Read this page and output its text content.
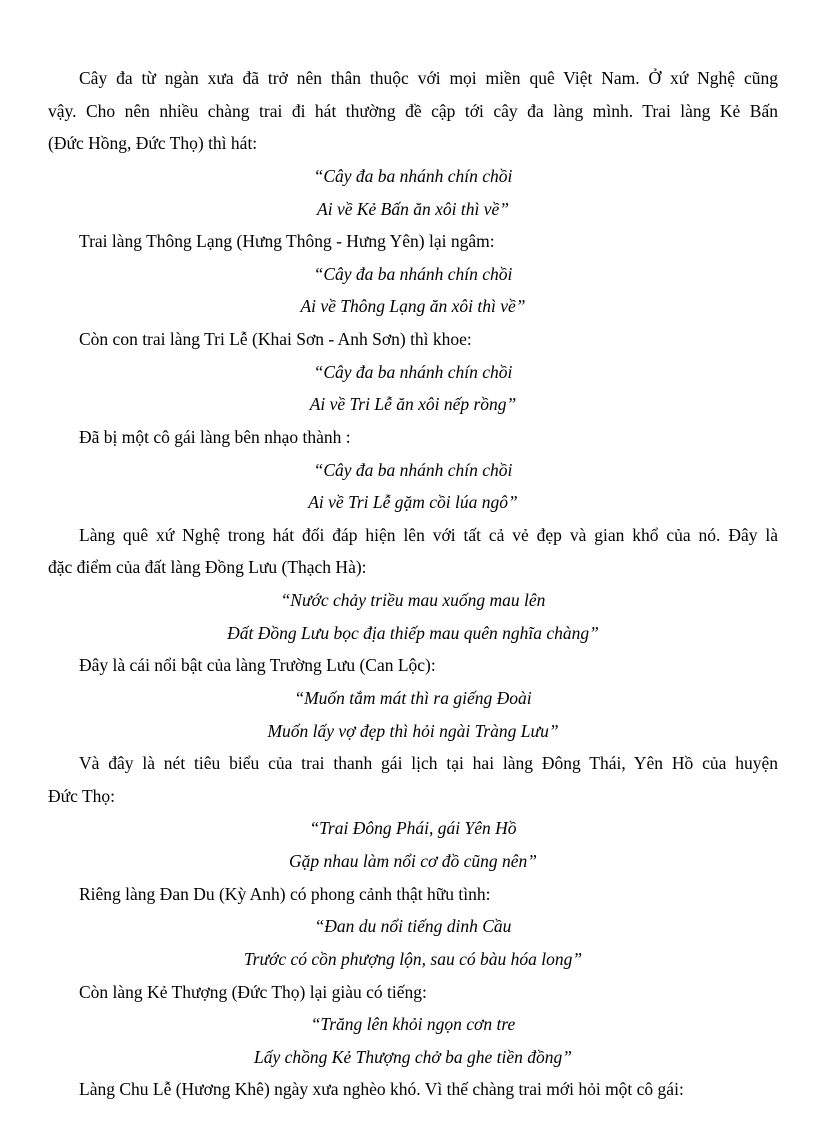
Cây đa từ ngàn xưa đã trở nên thân thuộc với mọi miền quê Việt Nam. Ở xứ Nghệ cũng
vậy. Cho nên nhiều chàng trai đi hát thường đề cập tới cây đa làng mình. Trai làng Kẻ Bấn
(Đức Hồng, Đức Thọ) thì hát:
“Cây đa ba nhánh chín chồi
Ai về Kẻ Bấn ăn xôi thì về”
Trai làng Thông Lạng (Hưng Thông - Hưng Yên) lại ngâm:
“Cây đa ba nhánh chín chồi
Ai về Thông Lạng ăn xôi thì về”
Còn con trai làng Tri Lễ (Khai Sơn - Anh Sơn) thì khoe:
“Cây đa ba nhánh chín chồi
Ai về Tri Lễ ăn xôi nếp rồng”
Đã bị một cô gái làng bên nhạo thành :
“Cây đa ba nhánh chín chồi
Ai về Tri Lễ gặm cồi lúa ngô”
Làng quê xứ Nghệ trong hát đối đáp hiện lên với tất cả vẻ đẹp và gian khổ của nó. Đây là
đặc điểm của đất làng Đồng Lưu (Thạch Hà):
“Nước chảy triều mau xuống mau lên
Đất Đồng Lưu bọc địa thiếp mau quên nghĩa chàng”
Đây là cái nổi bật của làng Trường Lưu (Can Lộc):
“Muốn tắm mát thì ra giếng Đoài
Muốn lấy vợ đẹp thì hỏi ngài Tràng Lưu”
Và đây là nét tiêu biểu của trai thanh gái lịch tại hai làng Đông Thái, Yên Hồ của huyện
Đức Thọ:
“Trai Đông Phái, gái Yên Hồ
Gặp nhau làm nổi cơ đồ cũng nên”
Riêng làng Đan Du (Kỳ Anh) có phong cảnh thật hữu tình:
“Đan du nổi tiếng dinh Cầu
Trước có cồn phượng lộn, sau có bàu hóa long”
Còn làng Kẻ Thượng (Đức Thọ) lại giàu có tiếng:
“Trăng lên khỏi ngọn cơn tre
Lấy chồng Kẻ Thượng chở ba ghe tiền đồng”
Làng Chu Lễ (Hương Khê) ngày xưa nghèo khó. Vì thế chàng trai mới hỏi một cô gái:
